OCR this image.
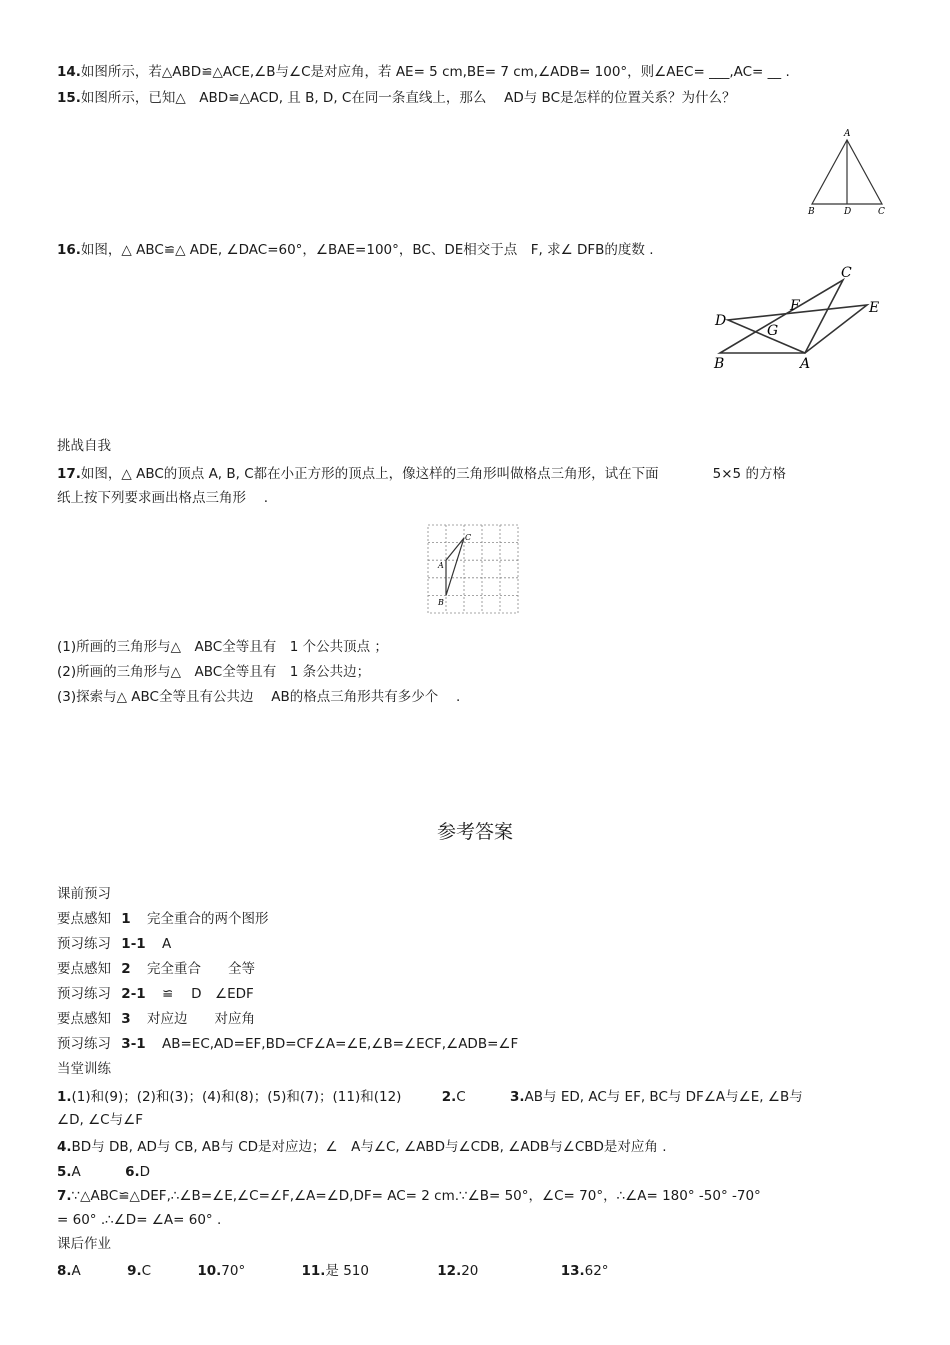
14.如图所示，若△ABD≌△ACE,∠B与∠C是对应角，若 AE= 5 cm,BE= 7 cm,∠ADB= 100°，则∠AEC= ___,AC= __ .
15.如图所示，已知△　ABD≌△ACD, 且 B, D, C在同一条直线上，那么　 AD与 BC是怎样的位置关系？为什么？
A
B	D	C
16.如图，△ ABC≌△ ADE, ∠DAC=60°，∠BAE=100°，BC、DE相交于点　F, 求∠ DFB的度数 .
C
F	E
D
G
B	A
挑战自我
17.如图，△ ABC的顶点 A, B, C都在小正方形的顶点上，像这样的三角形叫做格点三角形，试在下面　　　　5×5 的方格
纸上按下列要求画出格点三角形　 .
C
A
B
(1)所画的三角形与△　ABC全等且有　1 个公共顶点 ；
(2)所画的三角形与△　ABC全等且有　1 条公共边；
(3)探索与△ ABC全等且有公共边　 AB的格点三角形共有多少个　 .
参考答案
课前预习
要点感知 1 完全重合的两个图形
预习练习 1-1 A
要点感知 2 完全重合　　全等
预习练习 2-1 ≌　 D　∠EDF
要点感知 3 对应边　　对应角
预习练习 3-1 AB=EC,AD=EF,BD=CF∠A=∠E,∠B=∠ECF,∠ADB=∠F
当堂训练
1.(1)和(9)；(2)和(3)；(4)和(8)；(5)和(7)；(11)和(12)	2.C	3.AB与 ED, AC与 EF, BC与 DF∠A与∠E, ∠B与
∠D, ∠C与∠F
4.BD与 DB, AD与 CB, AB与 CD是对应边；∠　A与∠C, ∠ABD与∠CDB, ∠ADB与∠CBD是对应角 .
5.A	6.D
7.∵△ABC≌△DEF,∴∠B=∠E,∠C=∠F,∠A=∠D,DF= AC= 2 cm.∵∠B= 50°，∠C= 70°，∴∠A= 180° -50° -70°
= 60° .∴∠D= ∠A= 60° .
课后作业
8.A	9.C	10.70°	11.是 510	12.20	13.62°
